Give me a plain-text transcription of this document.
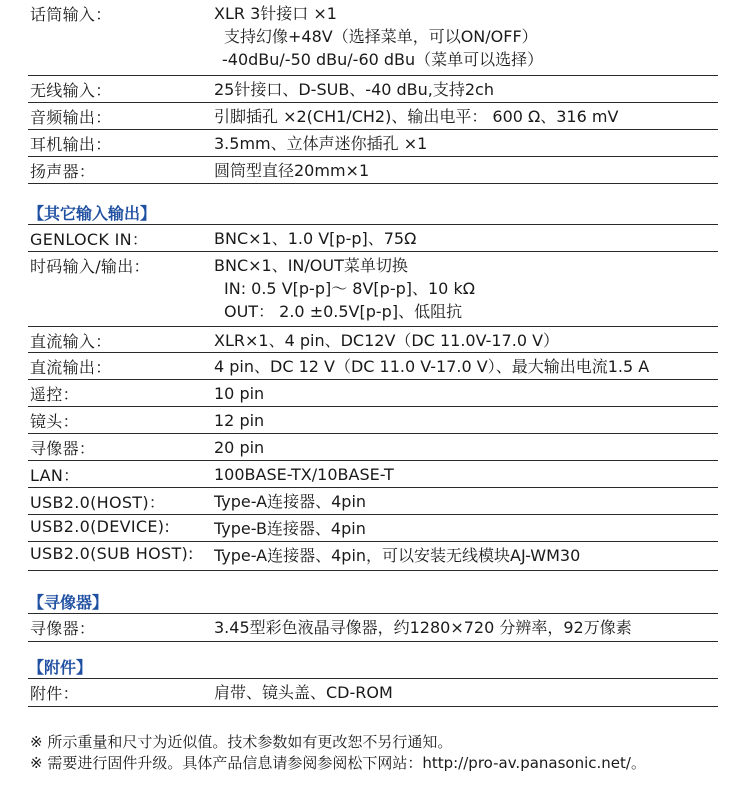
话筒输入：	XLR 3针接口 ×1
支持幻像+48V（选择菜单，可以ON/OFF）
-40dBu/-50 dBu/-60 dBu（菜单可以选择）
无线输入：	25针接口、D-SUB、-40 dBu,支持2ch
音频输出：	引脚插孔 ×2(CH1/CH2)、输出电平： 600 Ω、316 mV
耳机输出：	3.5mm、立体声迷你插孔 ×1
扬声器：	圆筒型直径20mm×1
【其它输入输出】
GENLOCK IN：	BNC×1、1.0 V[p-p]、75Ω
时码输入/输出：	BNC×1、IN/OUT菜单切换
IN: 0.5 V[p-p]～ 8V[p-p]、10 kΩ
OUT： 2.0 ±0.5V[p-p]、低阻抗
直流输入：	XLR×1、4 pin、DC12V（DC 11.0V-17.0 V）
直流输出：	4 pin、DC 12 V（DC 11.0 V-17.0 V）、最大输出电流1.5 A
遥控：	10 pin
镜头：	12 pin
寻像器：	20 pin
LAN：	100BASE-TX/10BASE-T
USB2.0(HOST)：	Type-A连接器、4pin
USB2.0(DEVICE):	Type-B连接器、4pin
USB2.0(SUB HOST): Type-A连接器、4pin，可以安装无线模块AJ-WM30
【寻像器】
寻像器：	3.45型彩色液晶寻像器，约1280×720 分辨率，92万像素
【附件】
附件：	肩带、镜头盖、CD-ROM
※ 所示重量和尺寸为近似值。技术参数如有更改恕不另行通知。
※ 需要进行固件升级。具体产品信息请参阅参阅松下网站：http://pro-av.panasonic.net/。
